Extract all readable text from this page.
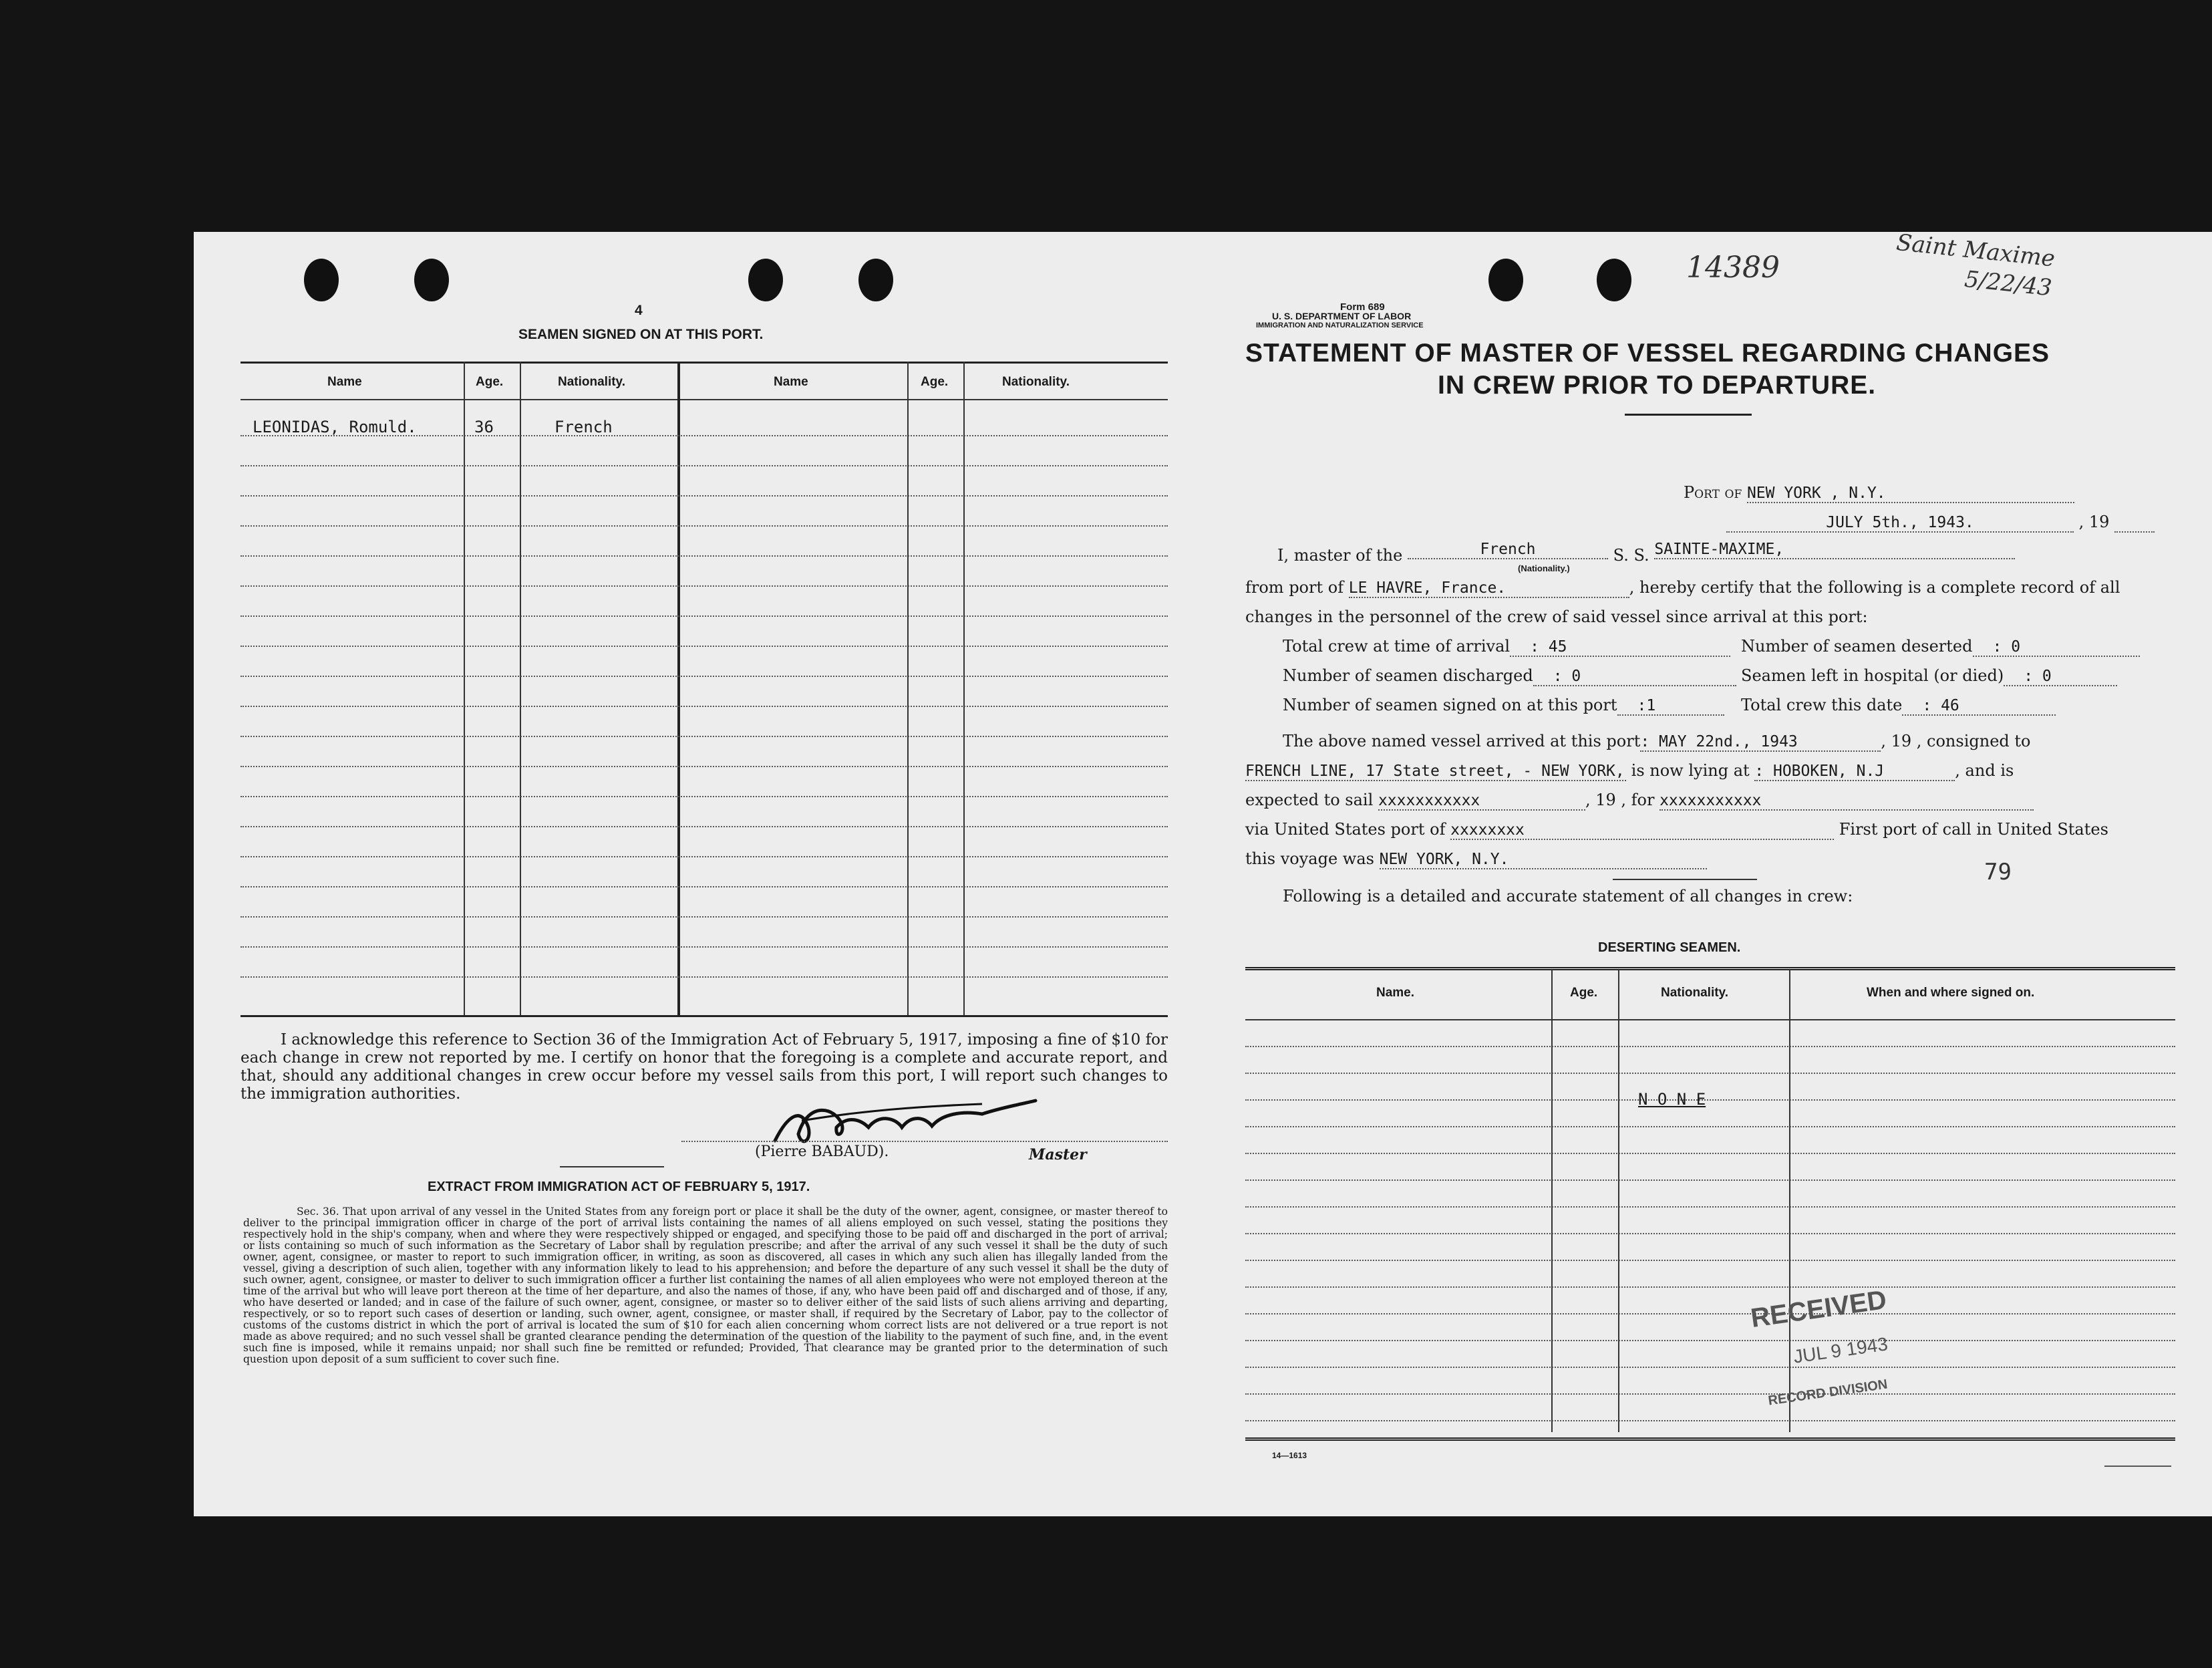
4
SEAMEN SIGNED ON AT THIS PORT.
Name	Age.	Nationality.	Name	Age.	Nationality.
LEONIDAS, Romuld.	36	French
I acknowledge this reference to Section 36 of the Immigration Act of February 5, 1917, imposing a fine of $10 for each change in crew not reported by me. I certify on honor that the foregoing is a complete and accurate report, and that, should any additional changes in crew occur before my vessel sails from this port, I will report such changes to the immigration authorities.
(Pierre BABAUD).	Master
EXTRACT FROM IMMIGRATION ACT OF FEBRUARY 5, 1917.
Sec. 36. That upon arrival of any vessel in the United States from any foreign port or place it shall be the duty of the owner, agent, consignee, or master thereof to deliver to the principal immigration officer in charge of the port of arrival lists containing the names of all aliens employed on such vessel, stating the positions they respectively hold in the ship's company, when and where they were respectively shipped or engaged, and specifying those to be paid off and discharged in the port of arrival; or lists containing so much of such information as the Secretary of Labor shall by regulation prescribe; and after the arrival of any such vessel it shall be the duty of such owner, agent, consignee, or master to report to such immigration officer, in writing, as soon as discovered, all cases in which any such alien has illegally landed from the vessel, giving a description of such alien, together with any information likely to lead to his apprehension; and before the departure of any such vessel it shall be the duty of such owner, agent, consignee, or master to deliver to such immigration officer a further list containing the names of all alien employees who were not employed thereon at the time of the arrival but who will leave port thereon at the time of her departure, and also the names of those, if any, who have been paid off and discharged and of those, if any, who have deserted or landed; and in case of the failure of such owner, agent, consignee, or master so to deliver either of the said lists of such aliens arriving and departing, respectively, or so to report such cases of desertion or landing, such owner, agent, consignee, or master shall, if required by the Secretary of Labor, pay to the collector of customs of the customs district in which the port of arrival is located the sum of $10 for each alien concerning whom correct lists are not delivered or a true report is not made as above required; and no such vessel shall be granted clearance pending the determination of the question of the liability to the payment of such fine, and, in the event such fine is imposed, while it remains unpaid; nor shall such fine be remitted or refunded; Provided, That clearance may be granted prior to the determination of such question upon deposit of a sum sufficient to cover such fine.
14389	Saint Maxime 5/22/43
Form 689
U. S. DEPARTMENT OF LABOR
IMMIGRATION AND NATURALIZATION SERVICE
STATEMENT OF MASTER OF VESSEL REGARDING CHANGES
IN CREW PRIOR TO DEPARTURE.
Port of NEW YORK , N.Y.
JULY 5th., 1943.	, 19
I, master of the	French	S. S. SAINTE-MAXIME,
(Nationality.)
from port of LE HAVRE, France.	, hereby certify that the following is a complete record of all
changes in the personnel of the crew of said vessel since arrival at this port:
Total crew at time of arrival : 45	Number of seamen deserted : 0
Number of seamen discharged : 0	Seamen left in hospital (or died) : 0
Number of seamen signed on at this port :1	Total crew this date : 46
The above named vessel arrived at this port: MAY 22nd., 1943	, 19 , consigned to
FRENCH LINE, 17 State street, - NEW YORK, is now lying at : HOBOKEN, N.J	, and is
expected to sail xxxxxxxxxxx	, 19 , for xxxxxxxxxxx
via United States port of xxxxxxxx	First port of call in United States
this voyage was NEW YORK, N.Y.	79
Following is a detailed and accurate statement of all changes in crew:
DESERTING SEAMEN.
Name.	Age.	Nationality.	When and where signed on.
N O N E
14—1613
RECEIVED
JUL 9 1943
RECORD DIVISION
